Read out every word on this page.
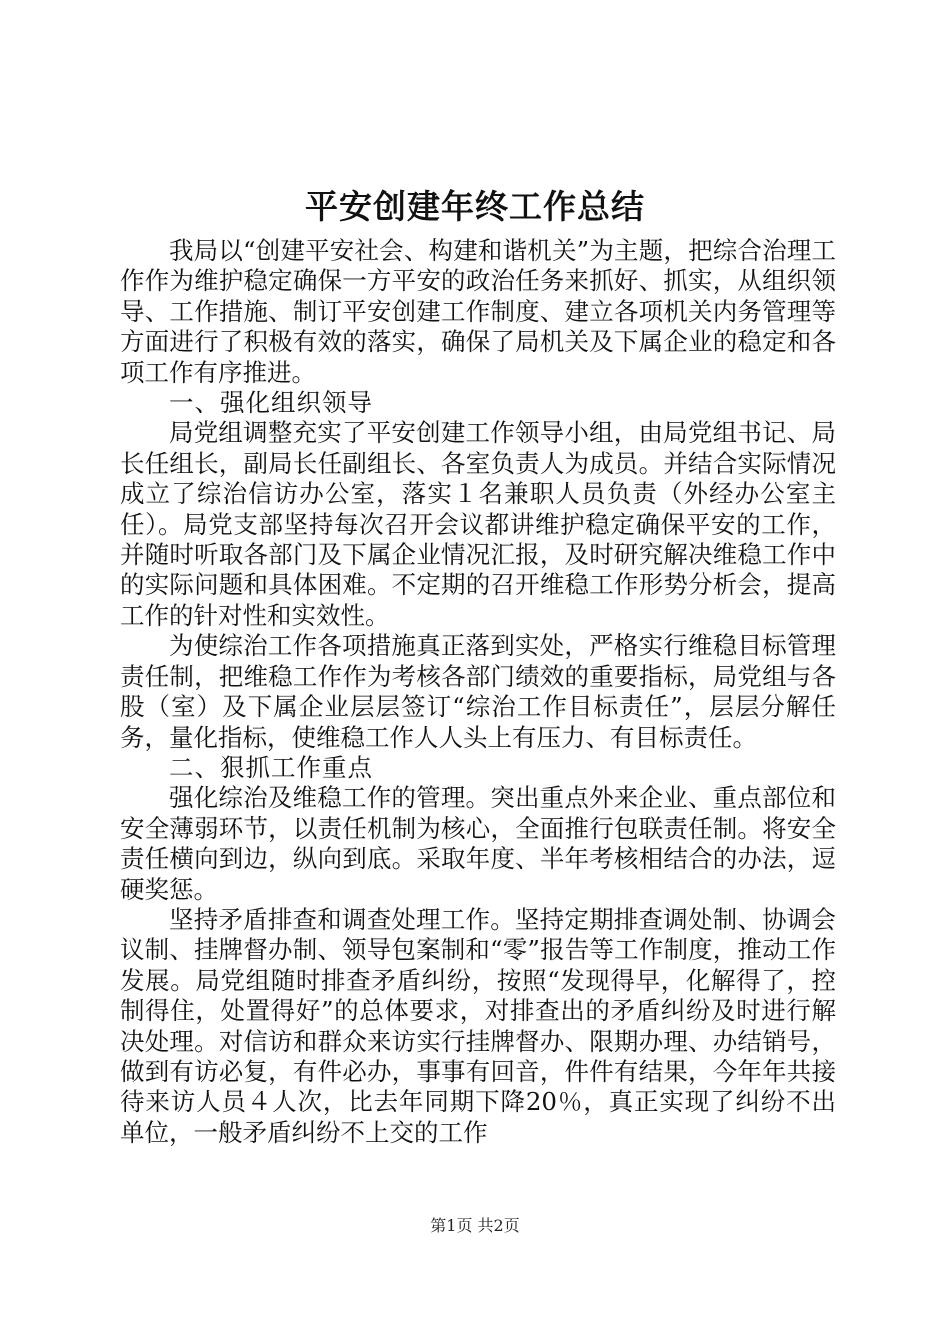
平安创建年终工作总结

我局以“创建平安社会、构建和谐机关”为主题，把综合治理工作作为维护稳定确保一方平安的政治任务来抓好、抓实，从组织领导、工作措施、制订平安创建工作制度、建立各项机关内务管理等方面进行了积极有效的落实，确保了局机关及下属企业的稳定和各项工作有序推进。

一、强化组织领导

局党组调整充实了平安创建工作领导小组，由局党组书记、局长任组长，副局长任副组长、各室负责人为成员。并结合实际情况成立了综治信访办公室，落实１名兼职人员负责（外经办公室主任）。局党支部坚持每次召开会议都讲维护稳定确保平安的工作，并随时听取各部门及下属企业情况汇报，及时研究解决维稳工作中的实际问题和具体困难。不定期的召开维稳工作形势分析会，提高工作的针对性和实效性。

为使综治工作各项措施真正落到实处，严格实行维稳目标管理责任制，把维稳工作作为考核各部门绩效的重要指标，局党组与各股（室）及下属企业层层签订“综治工作目标责任”，层层分解任务，量化指标，使维稳工作人人头上有压力、有目标责任。

二、狠抓工作重点

强化综治及维稳工作的管理。突出重点外来企业、重点部位和安全薄弱环节，以责任机制为核心，全面推行包联责任制。将安全责任横向到边，纵向到底。采取年度、半年考核相结合的办法，逗硬奖惩。

坚持矛盾排查和调查处理工作。坚持定期排查调处制、协调会议制、挂牌督办制、领导包案制和“零”报告等工作制度，推动工作发展。局党组随时排查矛盾纠纷，按照“发现得早，化解得了，控制得住，处置得好”的总体要求，对排查出的矛盾纠纷及时进行解决处理。对信访和群众来访实行挂牌督办、限期办理、办结销号，做到有访必复，有件必办，事事有回音，件件有结果，今年年共接待来访人员４人次，比去年同期下降20％，真正实现了纠纷不出单位，一般矛盾纠纷不上交的工作

第1页 共2页
